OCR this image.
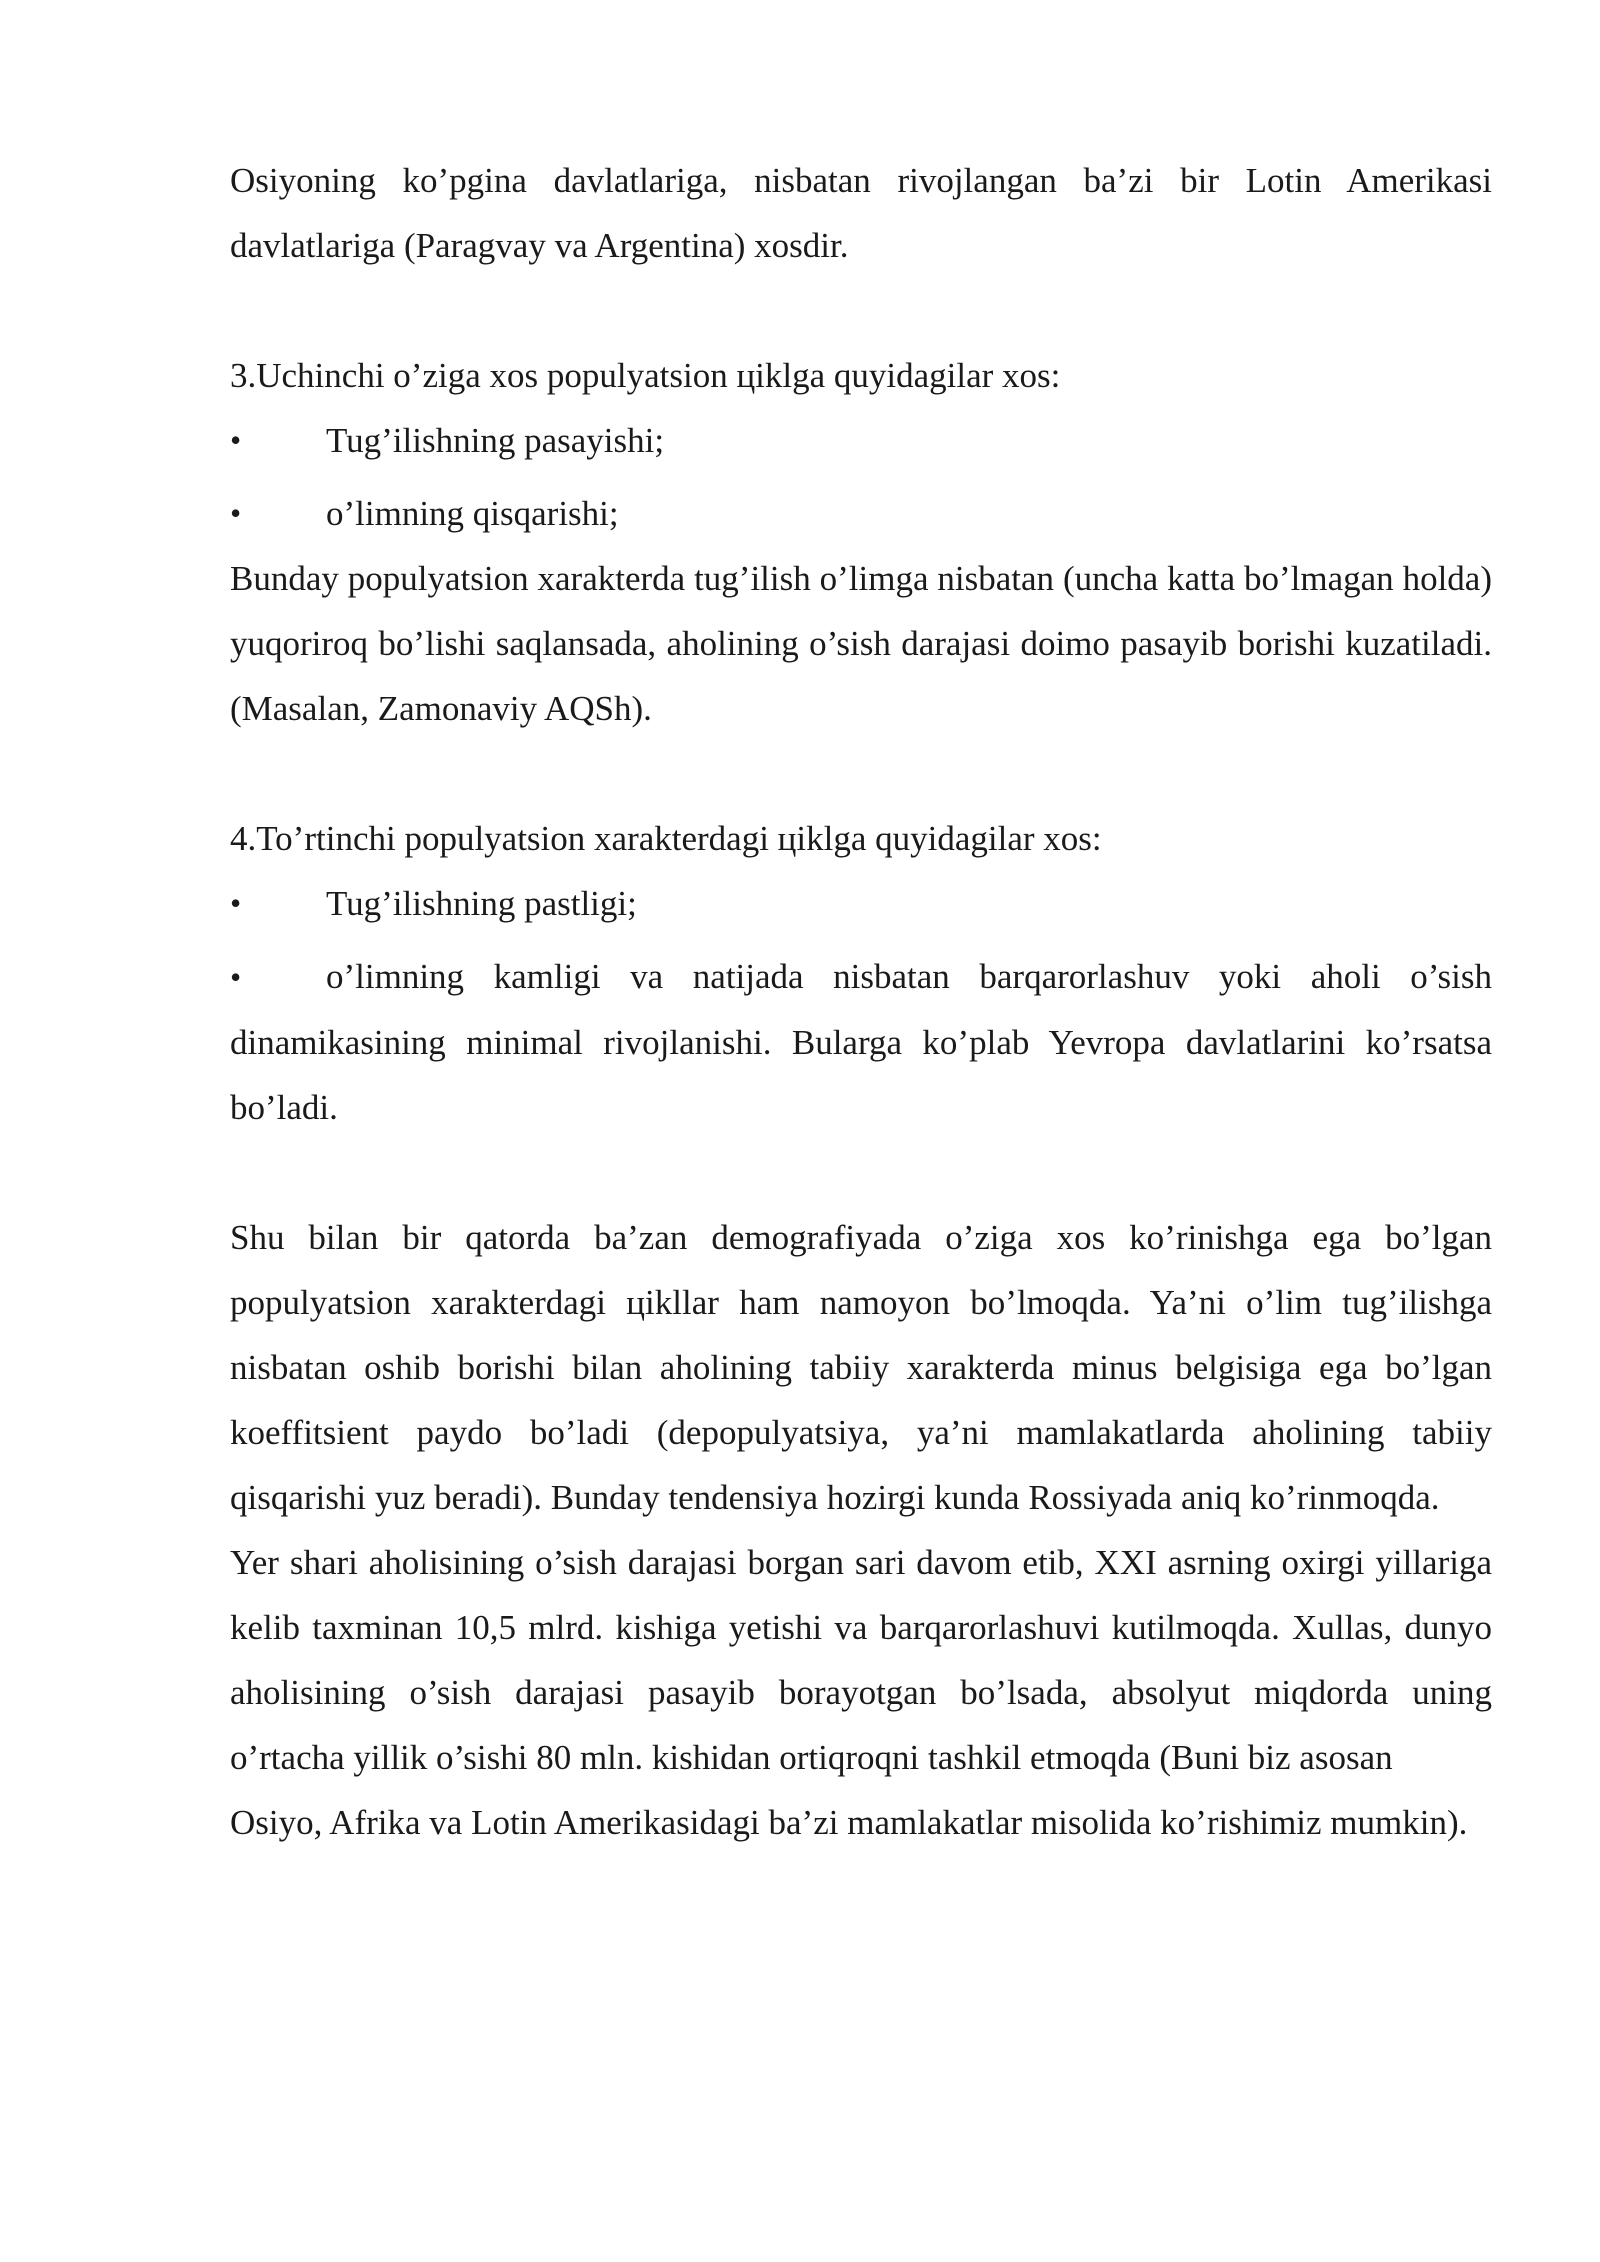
Osiyoning ko’pgina davlatlariga, nisbatan rivojlangan ba’zi bir Lotin Amerikasi davlatlariga (Paragvay va Argentina) xosdir.

3.Uchinchi o’ziga xos populyatsion цiklga quyidagilar xos:

•	Tug’ilishning pasayishi;
•	o’limning qisqarishi;

Bunday populyatsion xarakterda tug’ilish o’limga nisbatan (uncha katta bo’lmagan holda) yuqoriroq bo’lishi saqlansada, aholining o’sish darajasi doimo pasayib borishi kuzatiladi. (Masalan, Zamonaviy AQSh).

4.To’rtinchi populyatsion xarakterdagi цiklga quyidagilar xos:

•	Tug’ilishning pastligi;

• o’limning kamligi va natijada nisbatan barqarorlashuv yoki aholi o’sish dinamikasining minimal rivojlanishi. Bularga ko’plab Yevropa davlatlarini ko’rsatsa bo’ladi.

Shu bilan bir qatorda ba’zan demografiyada o’ziga xos ko’rinishga ega bo’lgan populyatsion xarakterdagi цikllar ham namoyon bo’lmoqda. Ya’ni o’lim tug’ilishga nisbatan oshib borishi bilan aholining tabiiy xarakterda minus belgisiga ega bo’lgan koeffitsient paydo bo’ladi (depopulyatsiya, ya’ni mamlakatlarda aholining tabiiy qisqarishi yuz beradi). Bunday tendensiya hozirgi kunda Rossiyada aniq ko’rinmoqda.

Yer shari aholisining o’sish darajasi borgan sari davom etib, XXI asrning oxirgi yillariga kelib taxminan 10,5 mlrd. kishiga yetishi va barqarorlashuvi kutilmoqda. Xullas, dunyo aholisining o’sish darajasi pasayib borayotgan bo’lsada, absolyut miqdorda uning o’rtacha yillik o’sishi 80 mln. kishidan ortiqroqni tashkil etmoqda (Buni biz asosan

Osiyo, Afrika va Lotin Amerikasidagi ba’zi mamlakatlar misolida ko’rishimiz mumkin).
